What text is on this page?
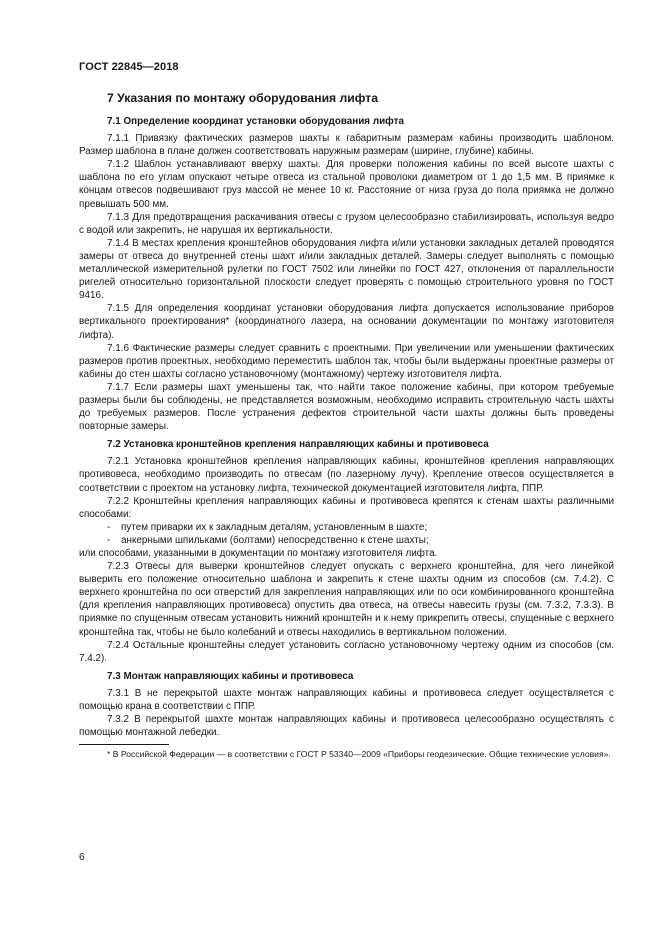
ГОСТ 22845—2018
7 Указания по монтажу оборудования лифта
7.1 Определение координат установки оборудования лифта

7.1.1 Привязку фактических размеров шахты к габаритным размерам кабины производить шаблоном. Размер шаблона в плане должен соответствовать наружным размерам (ширине, глубине) кабины.

7.1.2 Шаблон устанавливают вверху шахты. Для проверки положения кабины по всей высоте шахты с шаблона по его углам опускают четыре отвеса из стальной проволоки диаметром от 1 до 1,5 мм. В приямке к концам отвесов подвешивают груз массой не менее 10 кг. Расстояние от низа груза до пола приямка не должно превышать 500 мм.

7.1.3 Для предотвращения раскачивания отвесы с грузом целесообразно стабилизировать, используя ведро с водой или закрепить, не нарушая их вертикальности.

7.1.4 В местах крепления кронштейнов оборудования лифта и/или установки закладных деталей проводятся замеры от отвеса до внутренней стены шахт и/или закладных деталей. Замеры следует выполнять с помощью металлической измерительной рулетки по ГОСТ 7502 или линейки по ГОСТ 427, отклонения от параллельности ригелей относительно горизонтальной плоскости следует проверять с помощью строительного уровня по ГОСТ 9416.

7.1.5 Для определения координат установки оборудования лифта допускается использование приборов вертикального проектирования* (координатного лазера, на основании документации по монтажу изготовителя лифта).

7.1.6 Фактические размеры следует сравнить с проектными. При увеличении или уменьшении фактических размеров против проектных, необходимо переместить шаблон так, чтобы были выдержаны проектные размеры от кабины до стен шахты согласно установочному (монтажному) чертежу изготовителя лифта.

7.1.7 Если размеры шахт уменьшены так, что найти такое положение кабины, при котором требуемые размеры были бы соблюдены, не представляется возможным, необходимо исправить строительную часть шахты до требуемых размеров. После устранения дефектов строительной части шахты должны быть проведены повторные замеры.

7.2 Установка кронштейнов крепления направляющих кабины и противовеса

7.2.1 Установка кронштейнов крепления направляющих кабины, кронштейнов крепления направляющих противовеса, необходимо производить по отвесам (по лазерному лучу). Крепление отвесов осуществляется в соответствии с проектом на установку лифта, технической документацией изготовителя лифта, ППР.

7.2.2 Кронштейны крепления направляющих кабины и противовеса крепятся к стенам шахты различными способами:

- путем приварки их к закладным деталям, установленным в шахте;

- анкерными шпильками (болтами) непосредственно к стене шахты;

или способами, указанными в документации по монтажу изготовителя лифта.

7.2.3 Отвесы для выверки кронштейнов следует опускать с верхнего кронштейна, для чего линейкой выверить его положение относительно шаблона и закрепить к стене шахты одним из способов (см. 7.4.2). С верхнего кронштейна по оси отверстий для закрепления направляющих или по оси комбинированного кронштейна (для крепления направляющих противовеса) опустить два отвеса, на отвесы навесить грузы (см. 7.3.2, 7.3.3). В приямке по спущенным отвесам установить нижний кронштейн и к нему прикрепить отвесы, спущенные с верхнего кронштейна так, чтобы не было колебаний и отвесы находились в вертикальном положении.

7.2.4 Остальные кронштейны следует установить согласно установочному чертежу одним из способов (см. 7.4.2).

7.3 Монтаж направляющих кабины и противовеса

7.3.1 В не перекрытой шахте монтаж направляющих кабины и противовеса следует осуществляется с помощью крана в соответствии с ППР.

7.3.2 В перекрытой шахте монтаж направляющих кабины и противовеса целесообразно осуществлять с помощью монтажной лебедки.

* В Российской Федерации — в соответствии с ГОСТ Р 53340—2009 «Приборы геодезические. Общие технические условия».

6
